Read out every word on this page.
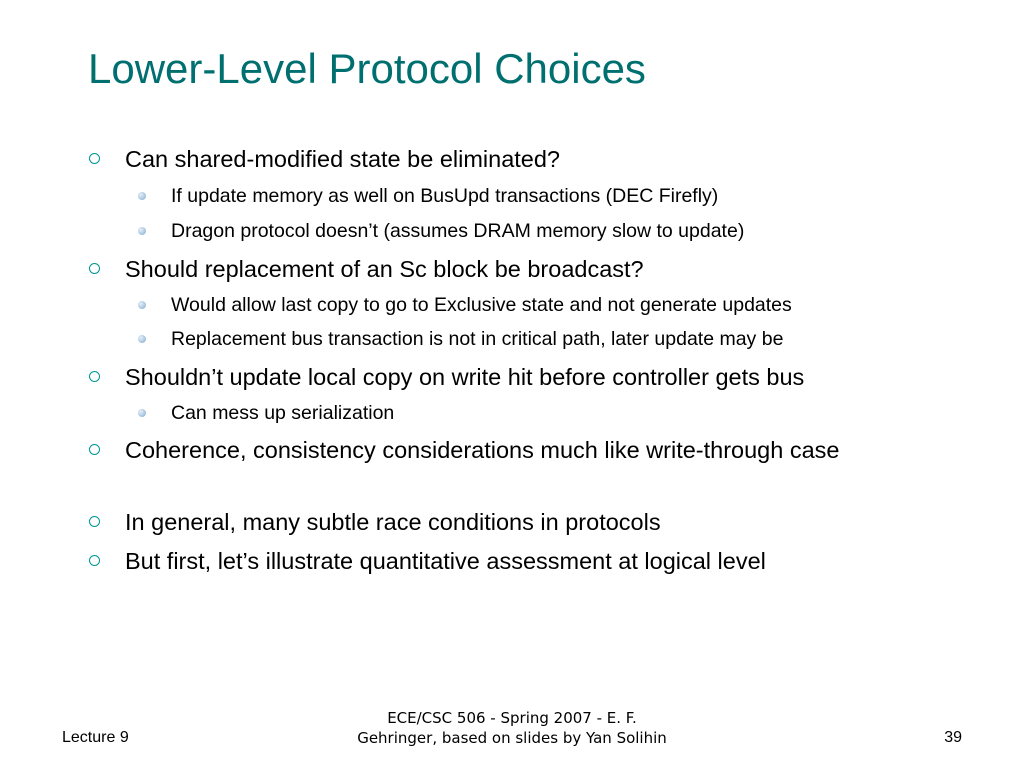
Lower-Level Protocol Choices
Can shared-modified state be eliminated?
If update memory as well on BusUpd transactions (DEC Firefly)
Dragon protocol doesn’t (assumes DRAM memory slow to update)
Should replacement of an Sc block be broadcast?
Would allow last copy to go to Exclusive state and not generate updates
Replacement bus transaction is not in critical path, later update may be
Shouldn’t update local copy on write hit before controller gets bus
Can mess up serialization
Coherence, consistency considerations much like write-through case
In general, many subtle race conditions in protocols
But first, let’s illustrate quantitative assessment at logical level
Lecture 9
ECE/CSC 506 - Spring 2007 - E. F.
Gehringer, based on slides by Yan Solihin	39
